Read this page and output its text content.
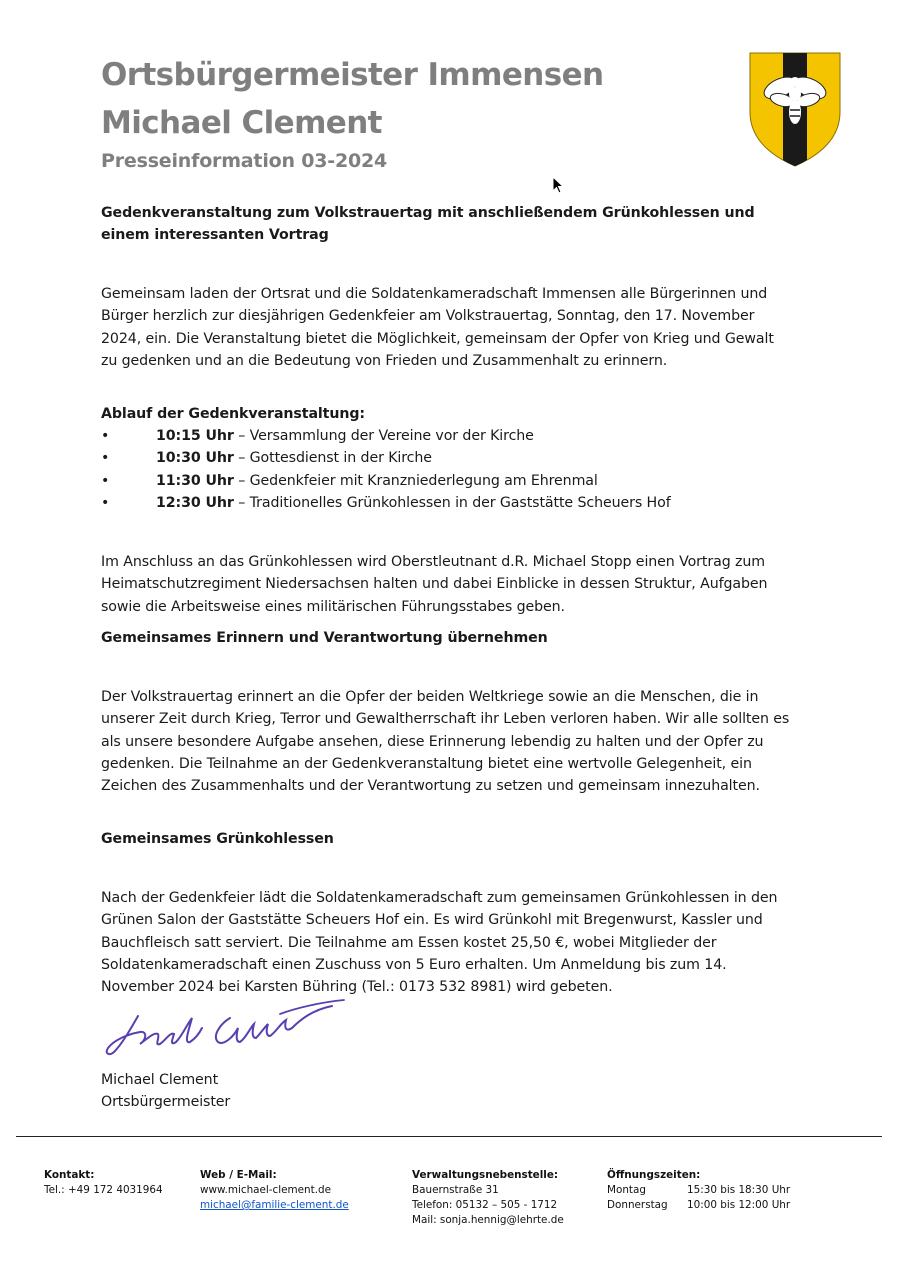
Ortsbürgermeister Immensen
Michael Clement
Presseinformation 03-2024
Gedenkveranstaltung zum Volkstrauertag mit anschließendem Grünkohlessen und einem interessanten Vortrag

Gemeinsam laden der Ortsrat und die Soldatenkameradschaft Immensen alle Bürgerinnen und Bürger herzlich zur diesjährigen Gedenkfeier am Volkstrauertag, Sonntag, den 17. November 2024, ein. Die Veranstaltung bietet die Möglichkeit, gemeinsam der Opfer von Krieg und Gewalt zu gedenken und an die Bedeutung von Frieden und Zusammenhalt zu erinnern.

Ablauf der Gedenkveranstaltung:
•	10:15 Uhr – Versammlung der Vereine vor der Kirche
•	10:30 Uhr – Gottesdienst in der Kirche
•	11:30 Uhr – Gedenkfeier mit Kranzniederlegung am Ehrenmal
•	12:30 Uhr – Traditionelles Grünkohlessen in der Gaststätte Scheuers Hof

Im Anschluss an das Grünkohlessen wird Oberstleutnant d.R. Michael Stopp einen Vortrag zum Heimatschutzregiment Niedersachsen halten und dabei Einblicke in dessen Struktur, Aufgaben sowie die Arbeitsweise eines militärischen Führungsstabes geben.

Gemeinsames Erinnern und Verantwortung übernehmen

Der Volkstrauertag erinnert an die Opfer der beiden Weltkriege sowie an die Menschen, die in unserer Zeit durch Krieg, Terror und Gewaltherrschaft ihr Leben verloren haben. Wir alle sollten es als unsere besondere Aufgabe ansehen, diese Erinnerung lebendig zu halten und der Opfer zu gedenken. Die Teilnahme an der Gedenkveranstaltung bietet eine wertvolle Gelegenheit, ein Zeichen des Zusammenhalts und der Verantwortung zu setzen und gemeinsam innezuhalten.

Gemeinsames Grünkohlessen

Nach der Gedenkfeier lädt die Soldatenkameradschaft zum gemeinsamen Grünkohlessen in den Grünen Salon der Gaststätte Scheuers Hof ein. Es wird Grünkohl mit Bregenwurst, Kassler und Bauchfleisch satt serviert. Die Teilnahme am Essen kostet 25,50 €, wobei Mitglieder der Soldatenkameradschaft einen Zuschuss von 5 Euro erhalten. Um Anmeldung bis zum 14. November 2024 bei Karsten Bühring (Tel.: 0173 532 8981) wird gebeten.

Michael Clement
Ortsbürgermeister
Kontakt:
Tel.: +49 172 4031964
Web / E-Mail:
www.michael-clement.de
michael@familie-clement.de
Verwaltungsnebenstelle:
Bauernstraße 31
Telefon: 05132 – 505 - 1712
Mail: sonja.hennig@lehrte.de
Öffnungszeiten:
Montag	15:30 bis 18:30 Uhr
Donnerstag	10:00 bis 12:00 Uhr
